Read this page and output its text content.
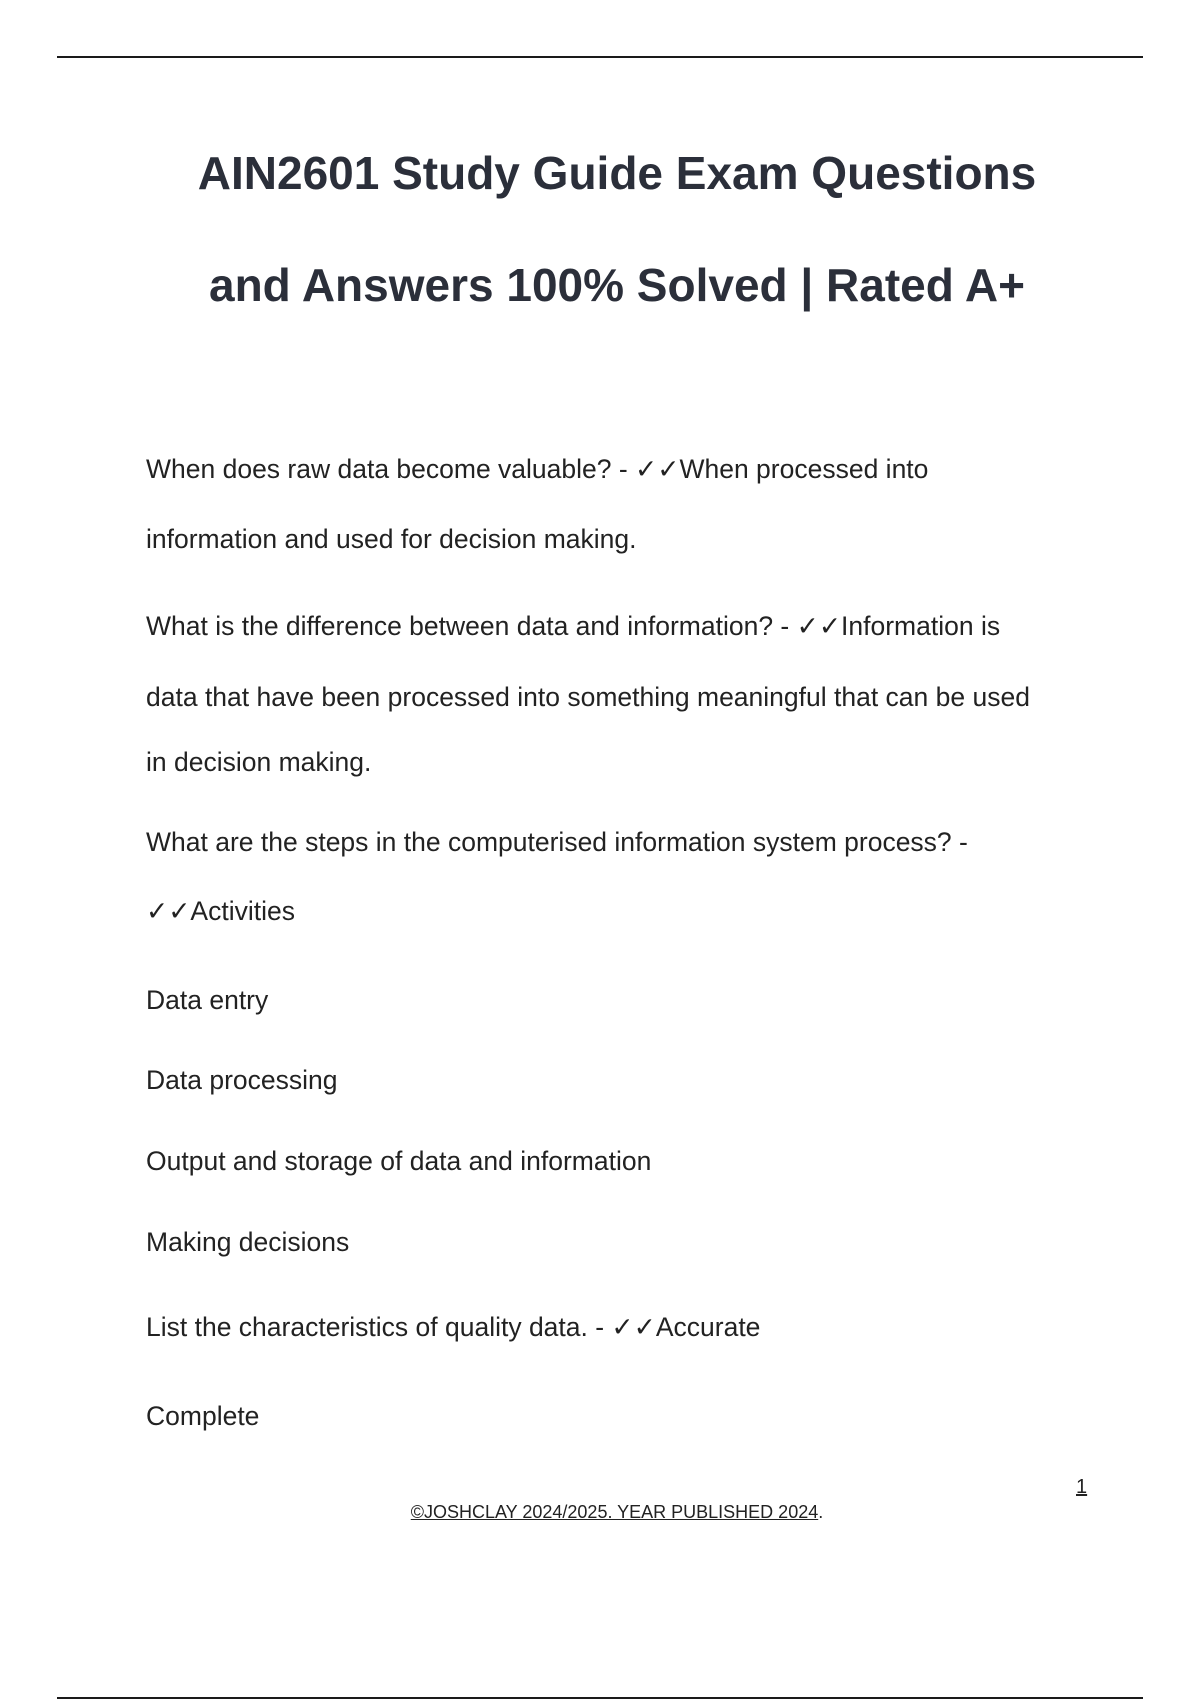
AIN2601 Study Guide Exam Questions
and Answers 100% Solved | Rated A+

When does raw data become valuable? - ✓✓When processed into

information and used for decision making.

What is the difference between data and information? - ✓✓Information is

data that have been processed into something meaningful that can be used

in decision making.

What are the steps in the computerised information system process? -

✓✓Activities

Data entry

Data processing

Output and storage of data and information

Making decisions

List the characteristics of quality data. - ✓✓Accurate

Complete

1
©JOSHCLAY 2024/2025. YEAR PUBLISHED 2024.
